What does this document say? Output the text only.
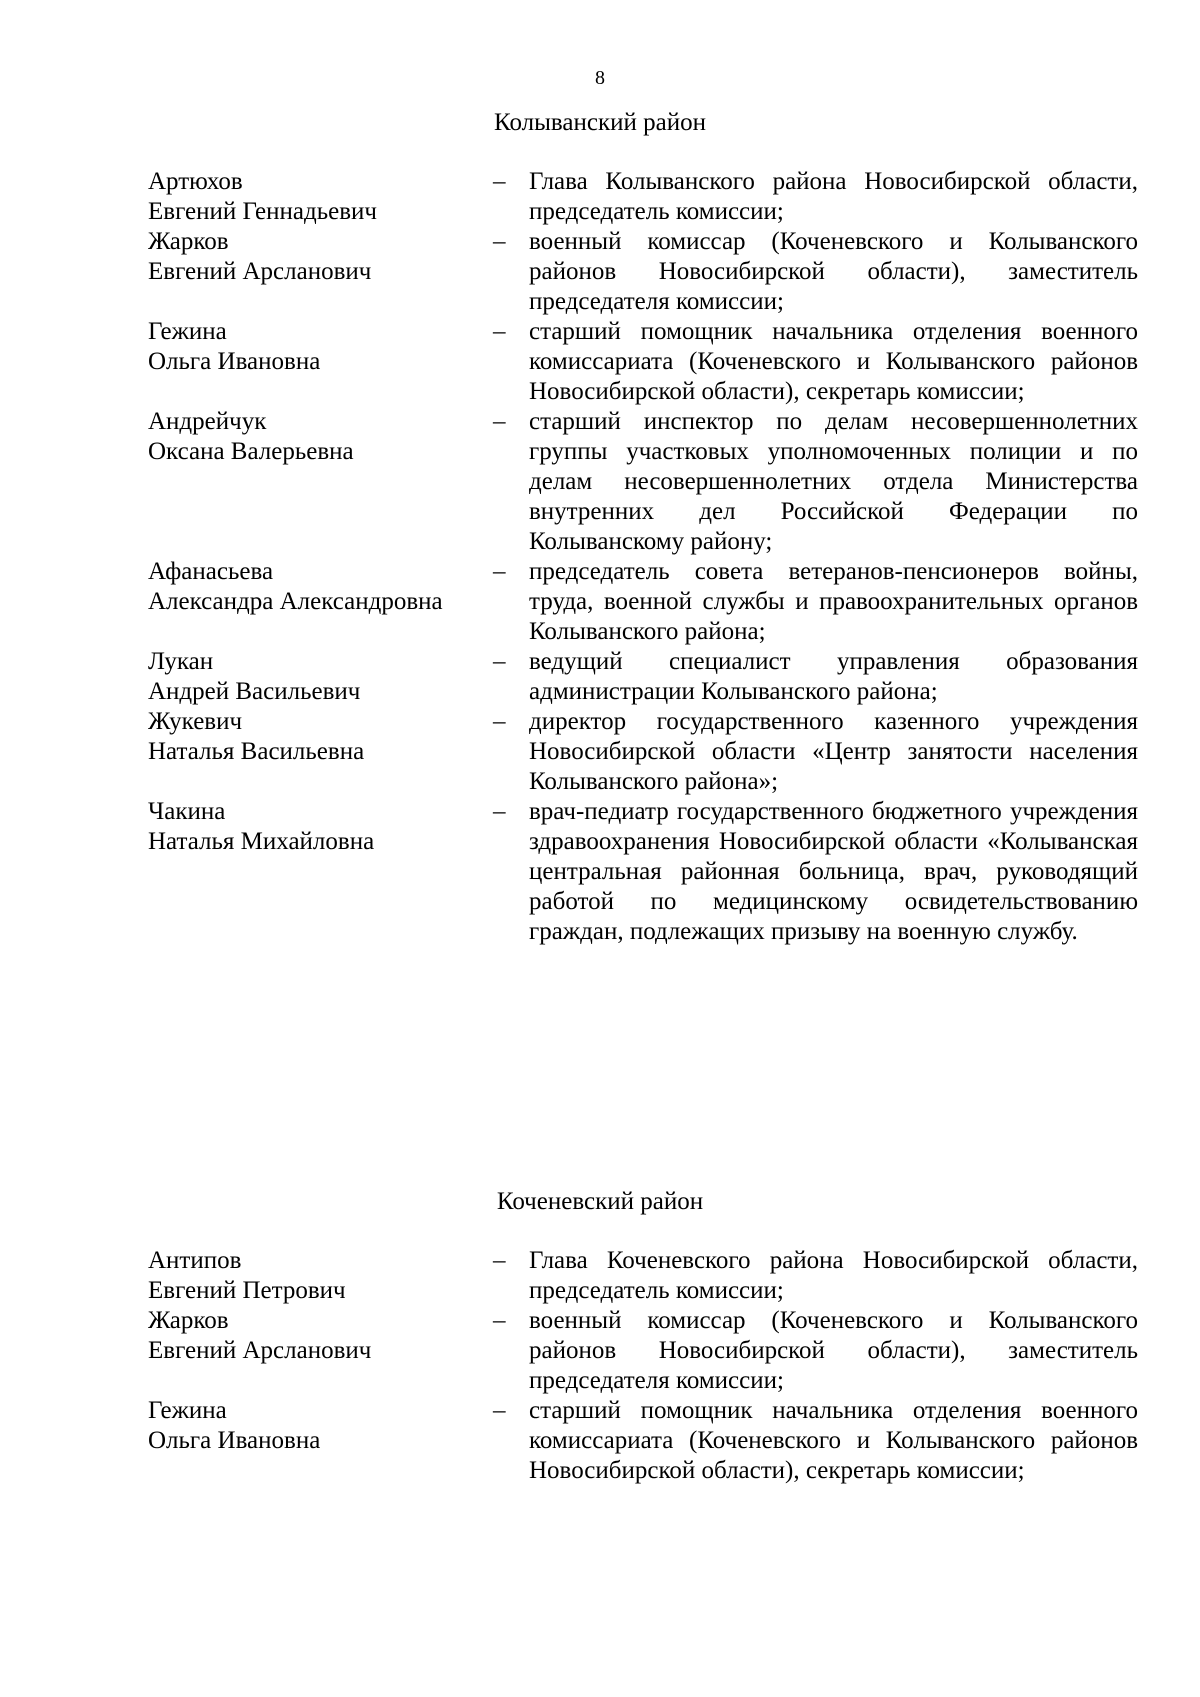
8
Колыванский район
Артюхов
Евгений Геннадьевич
– Глава Колыванского района Новосибирской области, председатель комиссии;
Жарков
Евгений Арсланович
– военный комиссар (Коченевского и Колыванского районов Новосибирской области), заместитель председателя комиссии;
Гежина
Ольга Ивановна
– старший помощник начальника отделения военного комиссариата (Коченевского и Колыванского районов Новосибирской области), секретарь комиссии;
Андрейчук
Оксана Валерьевна
– старший инспектор по делам несовершеннолетних группы участковых уполномоченных полиции и по делам несовершеннолетних отдела Министерства внутренних дел Российской Федерации по Колыванскому району;
Афанасьева
Александра Александровна
– председатель совета ветеранов-пенсионеров войны, труда, военной службы и правоохранительных органов Колыванского района;
Лукан
Андрей Васильевич
– ведущий специалист управления образования администрации Колыванского района;
Жукевич
Наталья Васильевна
– директор государственного казенного учреждения Новосибирской области «Центр занятости населения Колыванского района»;
Чакина
Наталья Михайловна
– врач-педиатр государственного бюджетного учреждения здравоохранения Новосибирской области «Колыванская центральная районная больница, врач, руководящий работой по медицинскому освидетельствованию граждан, подлежащих призыву на военную службу.
Коченевский район
Антипов
Евгений Петрович
– Глава Коченевского района Новосибирской области, председатель комиссии;
Жарков
Евгений Арсланович
– военный комиссар (Коченевского и Колыванского районов Новосибирской области), заместитель председателя комиссии;
Гежина
Ольга Ивановна
– старший помощник начальника отделения военного комиссариата (Коченевского и Колыванского районов Новосибирской области), секретарь комиссии;
